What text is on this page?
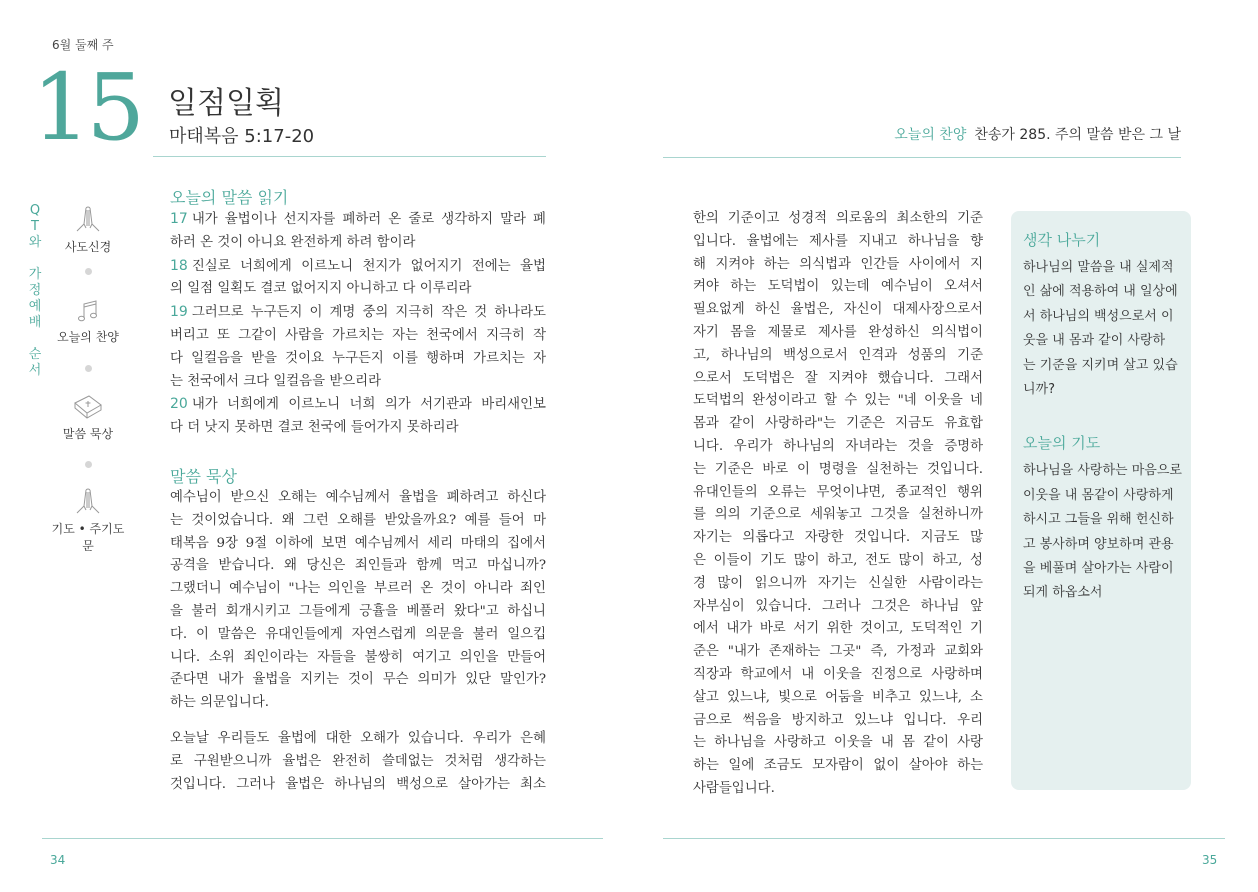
6월 둘째 주
15 일점일획
마태복음 5:17-20	오늘의 찬양 찬송가 285. 주의 말씀 받은 그 날
Q
T
와

가
정
예
배

순
서
사도신경
오늘의 찬양
말씀 묵상
기도 • 주기도문
오늘의 말씀 읽기
17 내가 율법이나 선지자를 폐하러 온 줄로 생각하지 말라 폐
하러 온 것이 아니요 완전하게 하려 함이라
18 진실로 너희에게 이르노니 천지가 없어지기 전에는 율법
의 일점 일획도 결코 없어지지 아니하고 다 이루리라
19 그러므로 누구든지 이 계명 중의 지극히 작은 것 하나라도
버리고 또 그같이 사람을 가르치는 자는 천국에서 지극히 작
다 일컬음을 받을 것이요 누구든지 이를 행하며 가르치는 자
는 천국에서 크다 일컬음을 받으리라
20 내가 너희에게 이르노니 너희 의가 서기관과 바리새인보
다 더 낫지 못하면 결코 천국에 들어가지 못하리라
말씀 묵상
예수님이 받으신 오해는 예수님께서 율법을 폐하려고 하신다
는 것이었습니다. 왜 그런 오해를 받았을까요? 예를 들어 마
태복음 9장 9절 이하에 보면 예수님께서 세리 마태의 집에서
공격을 받습니다. 왜 당신은 죄인들과 함께 먹고 마십니까?
그랬더니 예수님이 "나는 의인을 부르러 온 것이 아니라 죄인
을 불러 회개시키고 그들에게 긍휼을 베풀러 왔다"고 하십니
다. 이 말씀은 유대인들에게 자연스럽게 의문을 불러 일으킵
니다. 소위 죄인이라는 자들을 불쌍히 여기고 의인을 만들어
준다면 내가 율법을 지키는 것이 무슨 의미가 있단 말인가?
하는 의문입니다.
오늘날 우리들도 율법에 대한 오해가 있습니다. 우리가 은혜
로 구원받으니까 율법은 완전히 쓸데없는 것처럼 생각하는
것입니다. 그러나 율법은 하나님의 백성으로 살아가는 최소
한의 기준이고 성경적 의로움의 최소한의 기준
입니다. 율법에는 제사를 지내고 하나님을 향
해 지켜야 하는 의식법과 인간들 사이에서 지
켜야 하는 도덕법이 있는데 예수님이 오셔서
필요없게 하신 율법은, 자신이 대제사장으로서
자기 몸을 제물로 제사를 완성하신 의식법이
고, 하나님의 백성으로서 인격과 성품의 기준
으로서 도덕법은 잘 지켜야 했습니다. 그래서
도덕법의 완성이라고 할 수 있는 "네 이웃을 네
몸과 같이 사랑하라"는 기준은 지금도 유효합
니다. 우리가 하나님의 자녀라는 것을 증명하
는 기준은 바로 이 명령을 실천하는 것입니다.
유대인들의 오류는 무엇이냐면, 종교적인 행위
를 의의 기준으로 세워놓고 그것을 실천하니까
자기는 의롭다고 자랑한 것입니다. 지금도 많
은 이들이 기도 많이 하고, 전도 많이 하고, 성
경 많이 읽으니까 자기는 신실한 사람이라는
자부심이 있습니다. 그러나 그것은 하나님 앞
에서 내가 바로 서기 위한 것이고, 도덕적인 기
준은 "내가 존재하는 그곳" 즉, 가정과 교회와
직장과 학교에서 내 이웃을 진정으로 사랑하며
살고 있느냐, 빛으로 어둠을 비추고 있느냐, 소
금으로 썩음을 방지하고 있느냐 입니다. 우리
는 하나님을 사랑하고 이웃을 내 몸 같이 사랑
하는 일에 조금도 모자람이 없이 살아야 하는
사람들입니다.
생각 나누기
하나님의 말씀을 내 실제적
인 삶에 적용하여 내 일상에
서 하나님의 백성으로서 이
웃을 내 몸과 같이 사랑하
는 기준을 지키며 살고 있습
니까?
오늘의 기도
하나님을 사랑하는 마음으로
이웃을 내 몸같이 사랑하게
하시고 그들을 위해 헌신하
고 봉사하며 양보하며 관용
을 베풀며 살아가는 사람이
되게 하옵소서
34	35
